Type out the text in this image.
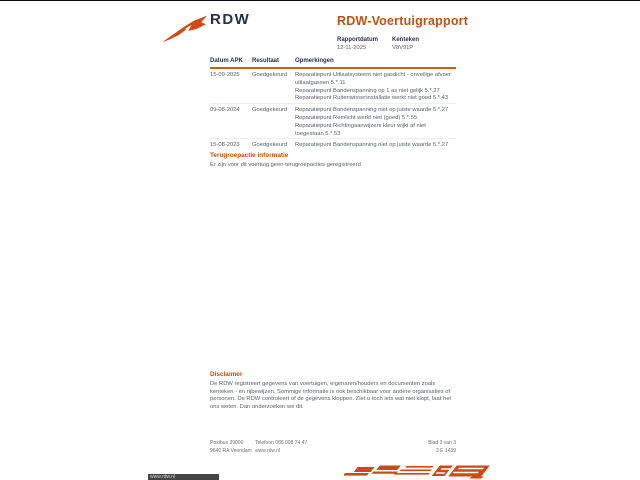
RDW	RDW-Voertuigrapport
Rapportdatum
12-11-2025
Kenteken
V8V91P
Datum APK	Resultaat	Opmerkingen
15-09-2025	Goedgekeurd	Reparatiepunt Uitlaatsysteem niet gasdicht - onveilige afvoer uitlaatgassen 5.*.11
Reparatiepunt Bandenspanning op 1 as niet gelijk 5.*.27
Reparatiepunt Ruitenwisserinstallatie werkt niet goed 5.*.43
09-08-2024	Goedgekeurd	Reparatiepunt Bandenspanning niet op juiste waarde 5.*.27
Reparatiepunt Remlicht werkt niet (goed) 5.*.55
Reparatiepunt Richtingaanwijzers kleur wijkt af niet toegestaan 5.*.53
15-08-2023	Goedgekeurd	Reparatiepunt Bandenspanning niet op juiste waarde 5.*.27
Terugroepactie informatie
Er zijn voor dit voertuig geen terugroepacties geregistreerd
Disclaimer
De RDW registreert gegevens van voertuigen, eigenaren/houders en documenten zoals kenteken - en rijbewijzen. Sommige informatie is ook beschikbaar voor andere organisaties of personen. De RDW controleert of de gegevens kloppen. Ziet u toch iets wat niet klopt, laat het ons weten. Dan onderzoeken we dit.
Postbus 39000
9640 RA Veendam
Telefoon 088 008 74 47
www.rdw.nl
Blad 3 van 3
3 E 1439
www.rdw.nl
